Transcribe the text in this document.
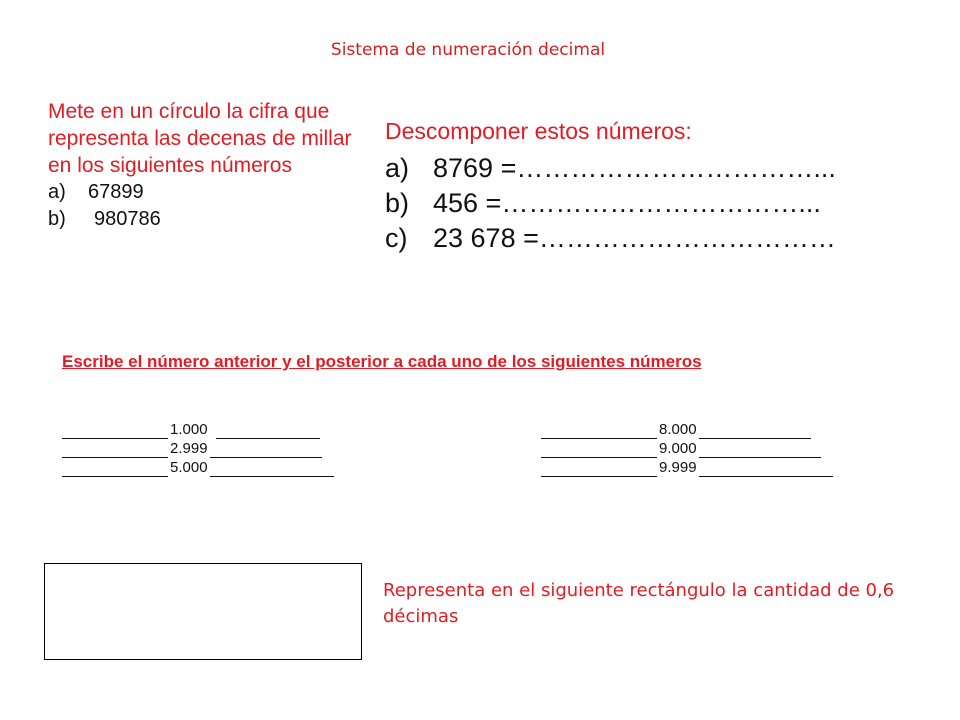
Sistema de numeración decimal

Mete en un círculo la cifra que representa las decenas de millar en los siguientes números

a) 67899
b) 980786

Descomponer estos números:

a) 8769 =……………………………...
b) 456 =……………………………...
c) 23 678 =……………………………
Escribe el número anterior y el posterior a cada uno de los siguientes números
1.000
2.999
5.000
8.000
9.000
9.999
Representa en el siguiente rectángulo la cantidad de 0,6 décimas
